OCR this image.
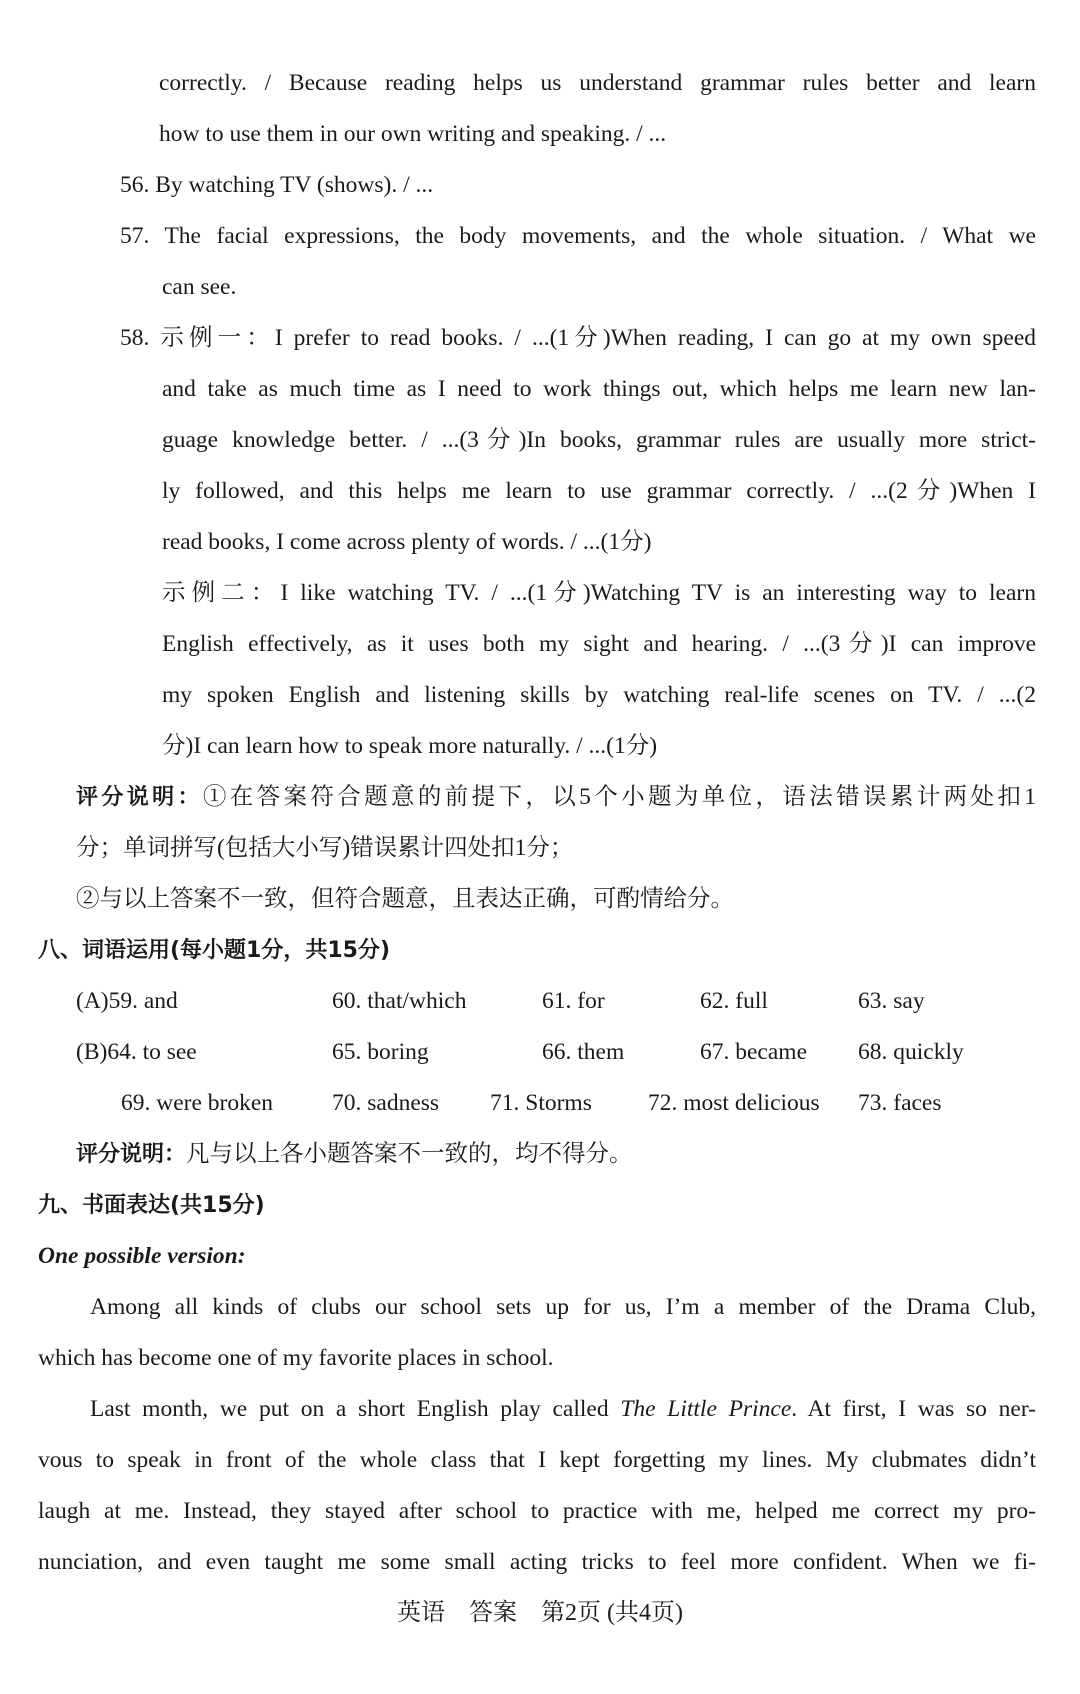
correctly. / Because reading helps us understand grammar rules better and learn
how to use them in our own writing and speaking. / ...
56. By watching TV (shows). / ...
57. The facial expressions, the body movements, and the whole situation. / What we
can see.
58. 示例一：I prefer to read books. / ...(1分)When reading, I can go at my own speed
and take as much time as I need to work things out, which helps me learn new lan-
guage knowledge better. / ...(3分)In books, grammar rules are usually more strict-
ly followed, and this helps me learn to use grammar correctly. / ...(2分)When I
read books, I come across plenty of words. / ...(1分)
示例二：I like watching TV. / ...(1分)Watching TV is an interesting way to learn
English effectively, as it uses both my sight and hearing. / ...(3分)I can improve
my spoken English and listening skills by watching real-life scenes on TV. / ...(2
分)I can learn how to speak more naturally. / ...(1分)
评分说明：①在答案符合题意的前提下，以5个小题为单位，语法错误累计两处扣1
分；单词拼写(包括大小写)错误累计四处扣1分；
②与以上答案不一致，但符合题意，且表达正确，可酌情给分。
八、词语运用(每小题1分，共15分)
(A)59. and	60. that/which	61. for	62. full	63. say
(B)64. to see	65. boring	66. them	67. became	68. quickly
69. were broken	70. sadness	71. Storms	72. most delicious	73. faces
评分说明：凡与以上各小题答案不一致的，均不得分。
九、书面表达(共15分)
One possible version:
Among all kinds of clubs our school sets up for us, I’m a member of the Drama Club,
which has become one of my favorite places in school.
Last month, we put on a short English play called The Little Prince. At first, I was so ner-
vous to speak in front of the whole class that I kept forgetting my lines. My clubmates didn’t
laugh at me. Instead, they stayed after school to practice with me, helped me correct my pro-
nunciation, and even taught me some small acting tricks to feel more confident. When we fi-
英语　答案　第2页 (共4页)
